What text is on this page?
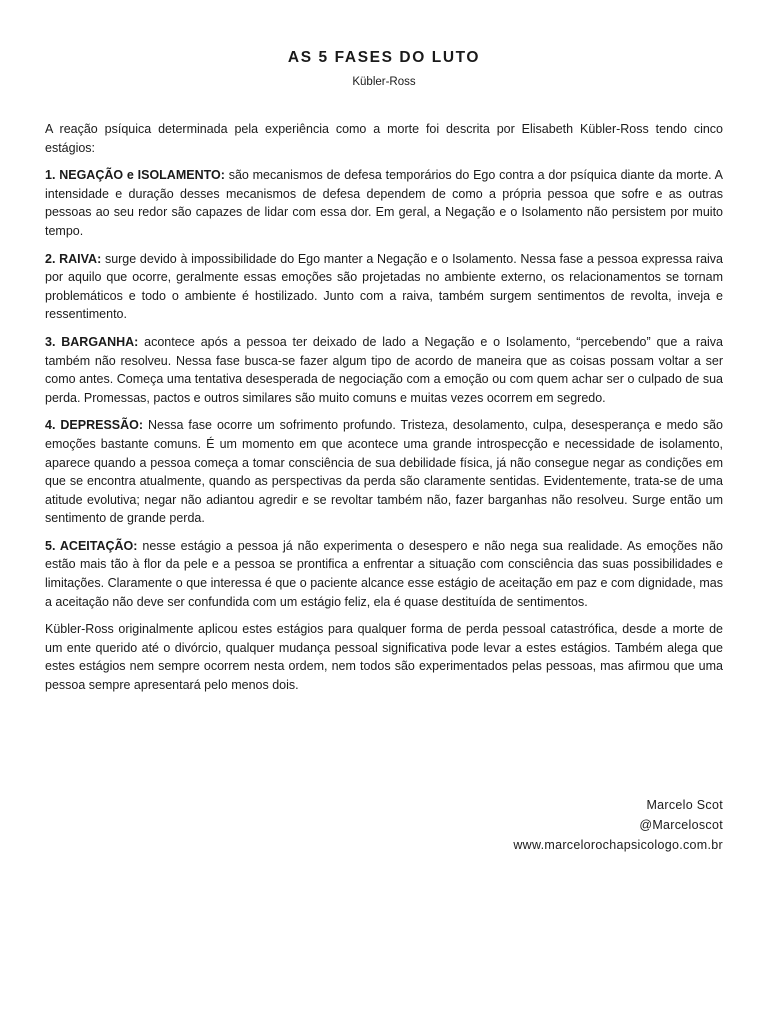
AS 5 FASES DO LUTO
Kübler-Ross

A reação psíquica determinada pela experiência como a morte foi descrita por Elisabeth Kübler-Ross tendo cinco estágios:

1. NEGAÇÃO e ISOLAMENTO: são mecanismos de defesa temporários do Ego contra a dor psíquica diante da morte. A intensidade e duração desses mecanismos de defesa dependem de como a própria pessoa que sofre e as outras pessoas ao seu redor são capazes de lidar com essa dor. Em geral, a Negação e o Isolamento não persistem por muito tempo.

2. RAIVA: surge devido à impossibilidade do Ego manter a Negação e o Isolamento. Nessa fase a pessoa expressa raiva por aquilo que ocorre, geralmente essas emoções são projetadas no ambiente externo, os relacionamentos se tornam problemáticos e todo o ambiente é hostilizado. Junto com a raiva, também surgem sentimentos de revolta, inveja e ressentimento.

3. BARGANHA: acontece após a pessoa ter deixado de lado a Negação e o Isolamento, “percebendo” que a raiva também não resolveu. Nessa fase busca-se fazer algum tipo de acordo de maneira que as coisas possam voltar a ser como antes. Começa uma tentativa desesperada de negociação com a emoção ou com quem achar ser o culpado de sua perda. Promessas, pactos e outros similares são muito comuns e muitas vezes ocorrem em segredo.

4. DEPRESSÃO: Nessa fase ocorre um sofrimento profundo. Tristeza, desolamento, culpa, desesperança e medo são emoções bastante comuns. É um momento em que acontece uma grande introspecção e necessidade de isolamento, aparece quando a pessoa começa a tomar consciência de sua debilidade física, já não consegue negar as condições em que se encontra atualmente, quando as perspectivas da perda são claramente sentidas. Evidentemente, trata-se de uma atitude evolutiva; negar não adiantou agredir e se revoltar também não, fazer barganhas não resolveu. Surge então um sentimento de grande perda.

5. ACEITAÇÃO: nesse estágio a pessoa já não experimenta o desespero e não nega sua realidade. As emoções não estão mais tão à flor da pele e a pessoa se prontifica a enfrentar a situação com consciência das suas possibilidades e limitações. Claramente o que interessa é que o paciente alcance esse estágio de aceitação em paz e com dignidade, mas a aceitação não deve ser confundida com um estágio feliz, ela é quase destituída de sentimentos.

Kübler-Ross originalmente aplicou estes estágios para qualquer forma de perda pessoal catastrófica, desde a morte de um ente querido até o divórcio, qualquer mudança pessoal significativa pode levar a estes estágios. Também alega que estes estágios nem sempre ocorrem nesta ordem, nem todos são experimentados pelas pessoas, mas afirmou que uma pessoa sempre apresentará pelo menos dois.

Marcelo Scot
@Marceloscot
www.marcelorochapsicologo.com.br
